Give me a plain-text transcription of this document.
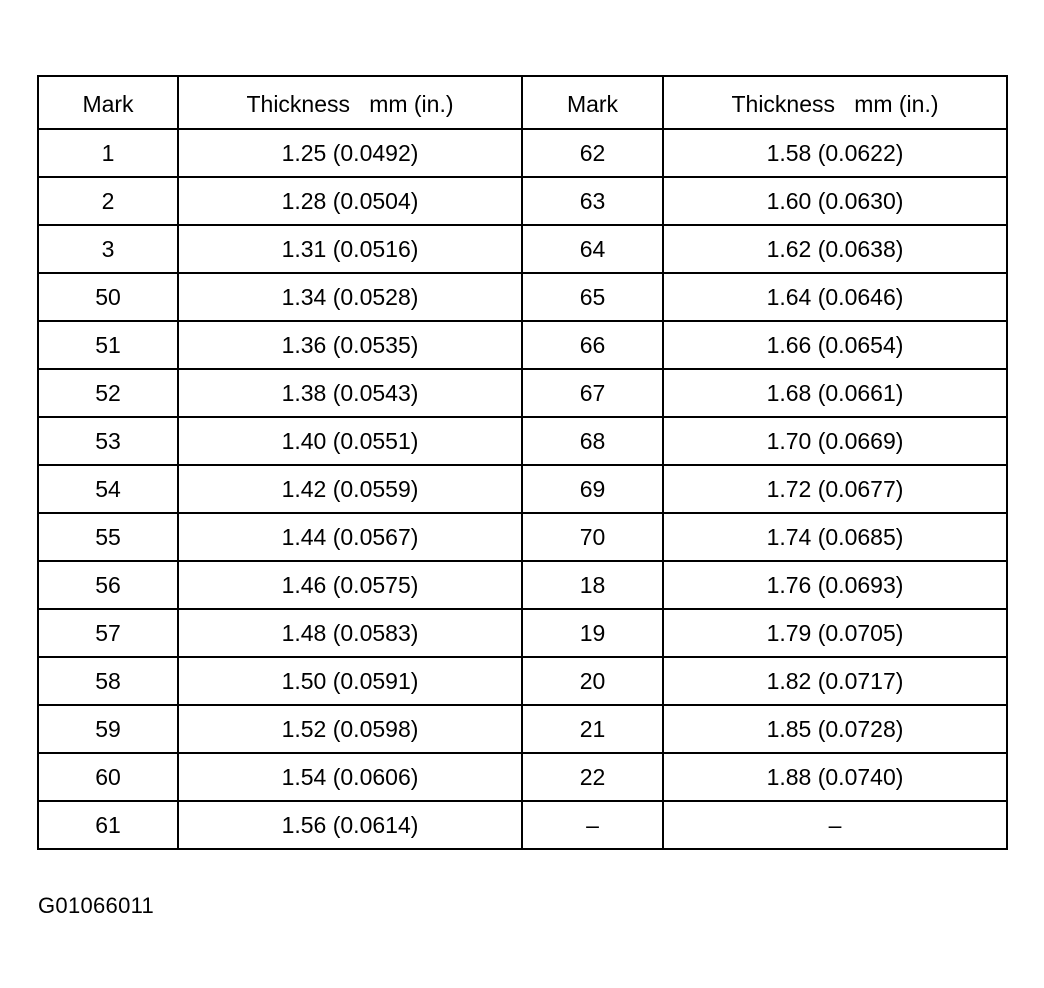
Mark	Thickness   mm (in.)	Mark	Thickness   mm (in.)
1	1.25 (0.0492)	62	1.58 (0.0622)
2	1.28 (0.0504)	63	1.60 (0.0630)
3	1.31 (0.0516)	64	1.62 (0.0638)
50	1.34 (0.0528)	65	1.64 (0.0646)
51	1.36 (0.0535)	66	1.66 (0.0654)
52	1.38 (0.0543)	67	1.68 (0.0661)
53	1.40 (0.0551)	68	1.70 (0.0669)
54	1.42 (0.0559)	69	1.72 (0.0677)
55	1.44 (0.0567)	70	1.74 (0.0685)
56	1.46 (0.0575)	18	1.76 (0.0693)
57	1.48 (0.0583)	19	1.79 (0.0705)
58	1.50 (0.0591)	20	1.82 (0.0717)
59	1.52 (0.0598)	21	1.85 (0.0728)
60	1.54 (0.0606)	22	1.88 (0.0740)
61	1.56 (0.0614)	–	–
G01066011
